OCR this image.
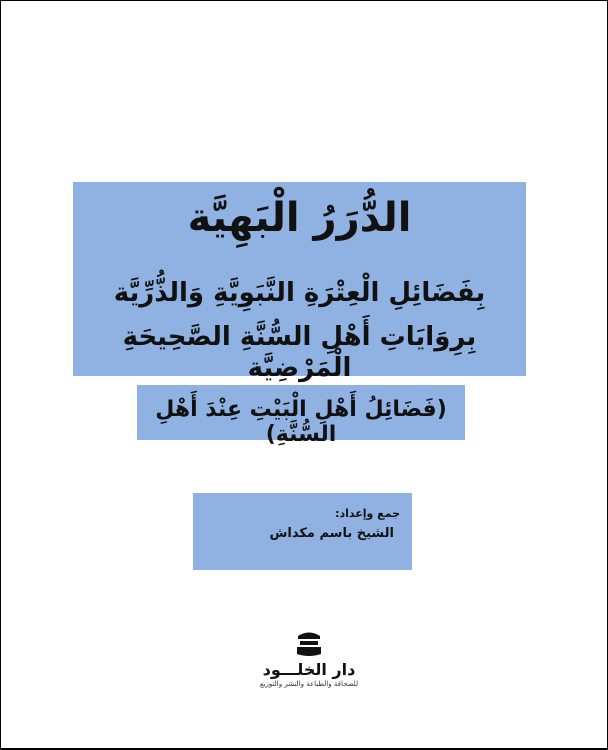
الدُّرَرُ الْبَهِيَّة
بِفَضَائِلِ الْعِتْرَةِ النَّبَوِيَّةِ وَالذُّرِّيَّة
بِرِوَايَاتِ أَهْلِ السُّنَّةِ الصَّحِيحَةِ الْمَرْضِيَّة
(فَضَائِلُ أَهْلِ الْبَيْتِ عِنْدَ أَهْلِ السُّنَّةِ)
جمع وإعداد:
الشيخ باسم مكداش
دار الخلـــود
للصحافة والطباعة والنشر والتوزيع
